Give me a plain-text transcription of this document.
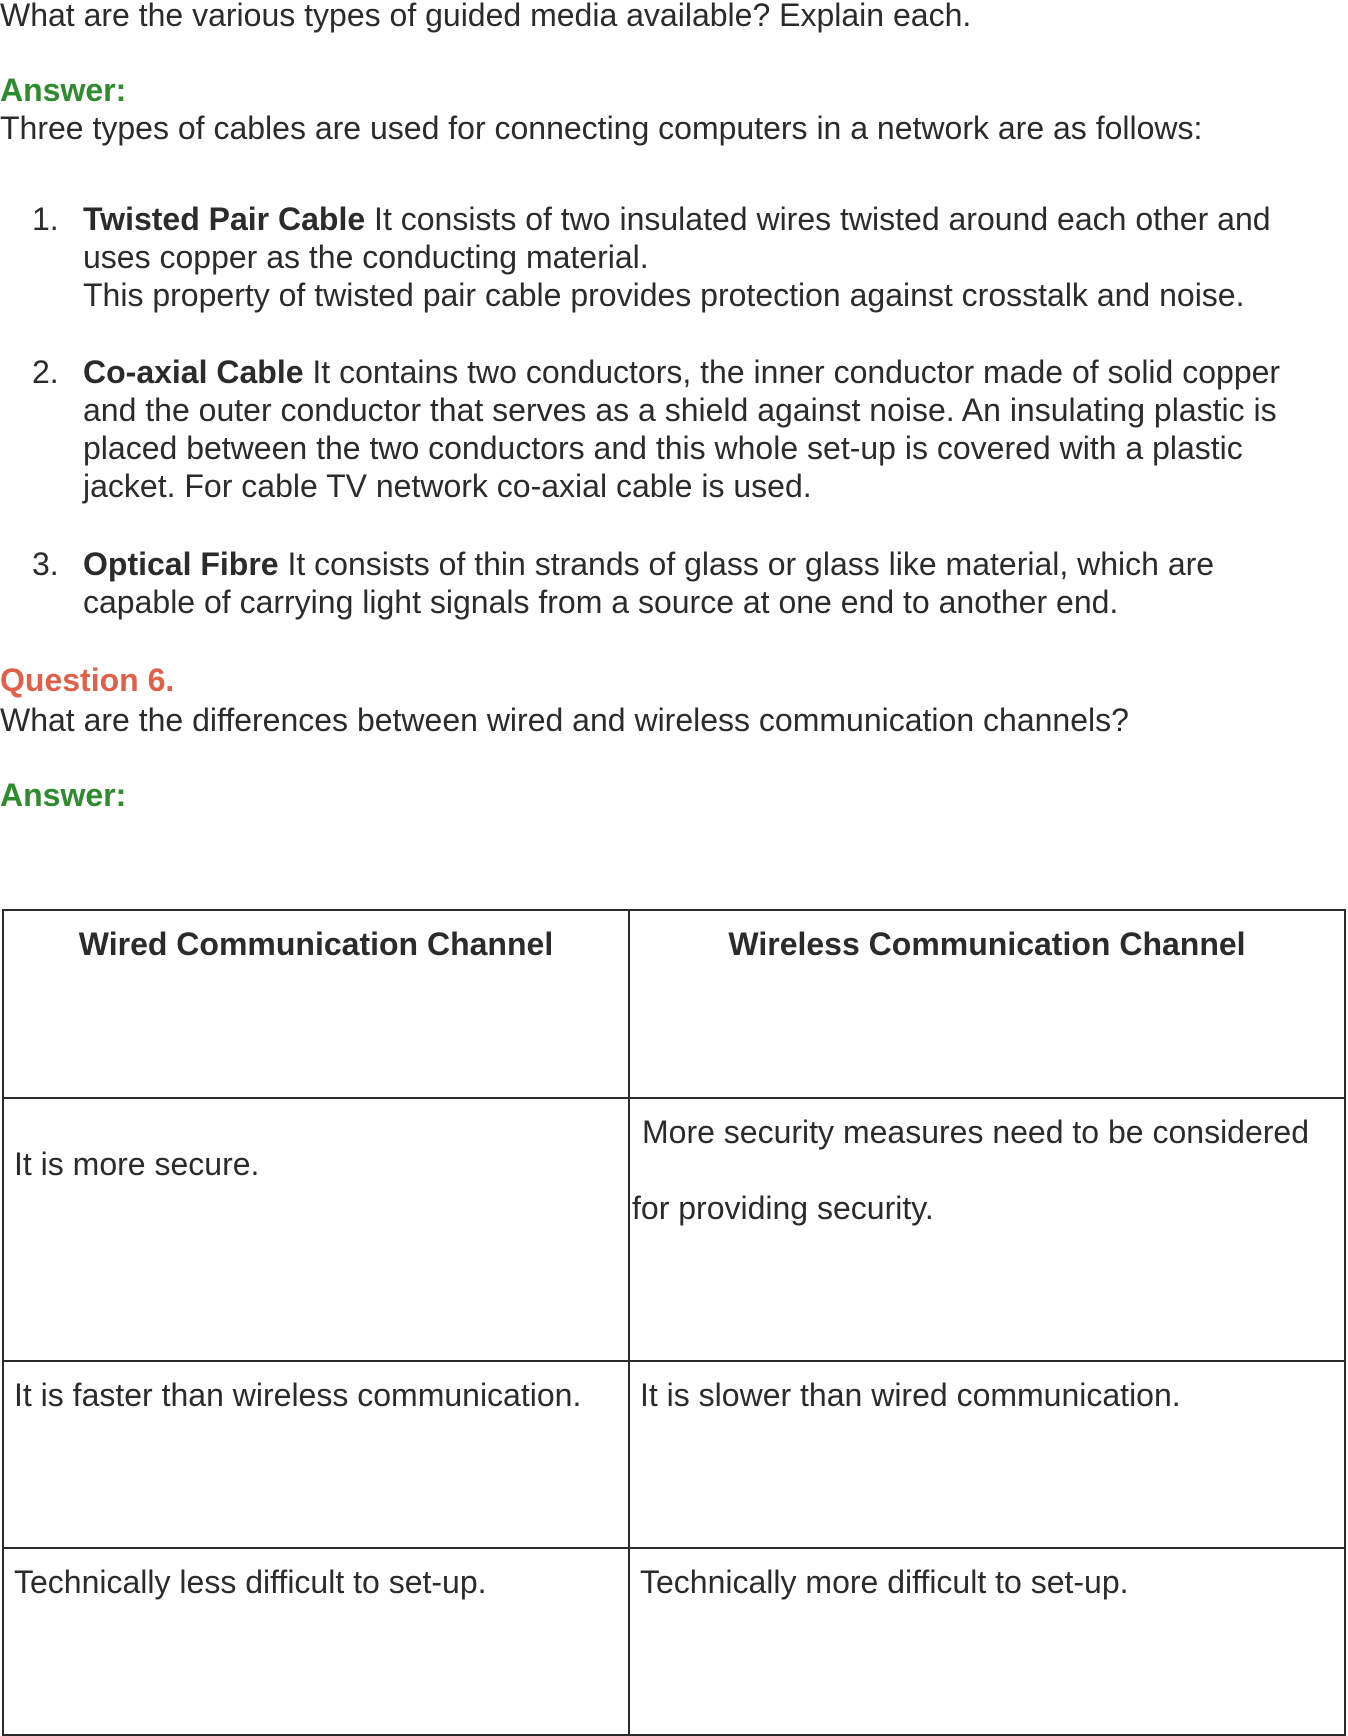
What are the various types of guided media available? Explain each.
Answer:
Three types of cables are used for connecting computers in a network are as follows:
1. Twisted Pair Cable It consists of two insulated wires twisted around each other and uses copper as the conducting material.

This property of twisted pair cable provides protection against crosstalk and noise.

2. Co-axial Cable It contains two conductors, the inner conductor made of solid copper and the outer conductor that serves as a shield against noise. An insulating plastic is placed between the two conductors and this whole set-up is covered with a plastic jacket. For cable TV network co-axial cable is used.

3. Optical Fibre It consists of thin strands of glass or glass like material, which are capable of carrying light signals from a source at one end to another end.

Question 6.
What are the differences between wired and wireless communication channels?
Answer:
Wired Communication Channel	Wireless Communication Channel

It is more secure.	More security measures need to be considered
for providing security.

It is faster than wireless communication.	It is slower than wired communication.

Technically less difficult to set-up.	Technically more difficult to set-up.
